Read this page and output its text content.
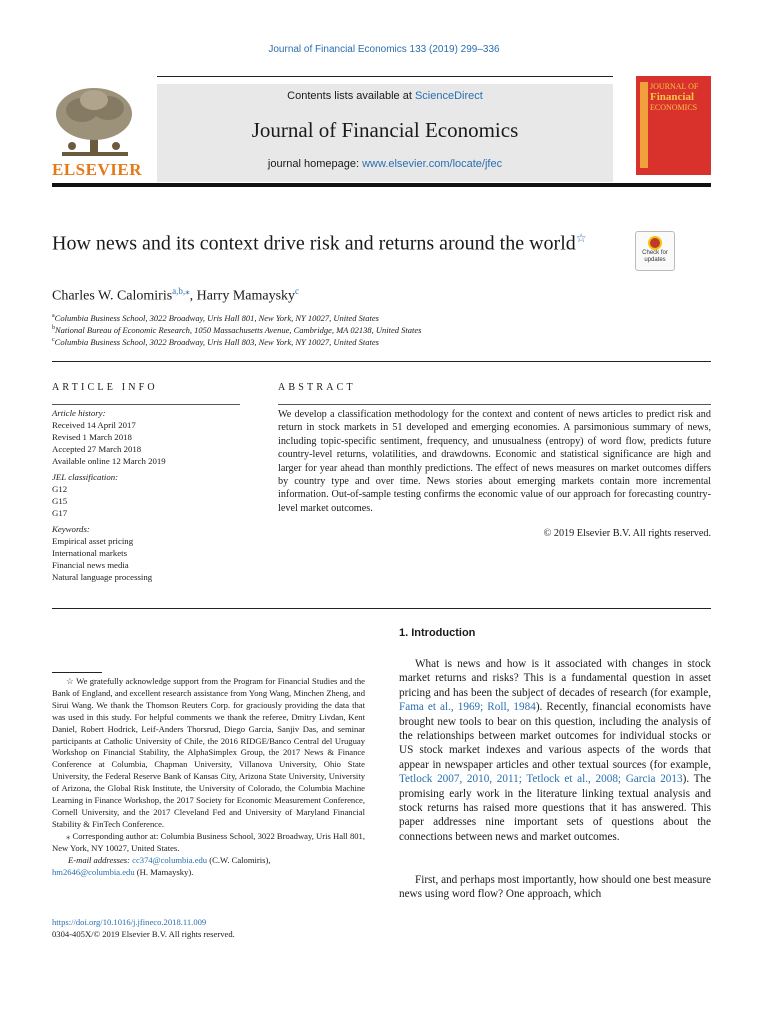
Journal of Financial Economics 133 (2019) 299–336
ELSEVIER
Contents lists available at ScienceDirect
Journal of Financial Economics
journal homepage: www.elsevier.com/locate/jfec
JOURNAL OF
Financial
ECONOMICS
How news and its context drive risk and returns around the world☆
Check for
updates
Charles W. Calomiris$^{a,b,⁎}$, Harry Mamaysky$^c$
$^a$Columbia Business School, 3022 Broadway, Uris Hall 801, New York, NY 10027, United States
$^b$National Bureau of Economic Research, 1050 Massachusetts Avenue, Cambridge, MA 02138, United States
$^c$Columbia Business School, 3022 Broadway, Uris Hall 803, New York, NY 10027, United States
ARTICLE INFO
Article history:
Received 14 April 2017
Revised 1 March 2018
Accepted 27 March 2018
Available online 12 March 2019
JEL classification:
G12
G15
G17
Keywords:
Empirical asset pricing
International markets
Financial news media
Natural language processing
ABSTRACT
We develop a classification methodology for the context and content of news articles to predict risk and return in stock markets in 51 developed and emerging economies. A parsimonious summary of news, including topic-specific sentiment, frequency, and unusualness (entropy) of word flow, predicts future country-level returns, volatilities, and drawdowns. Economic and statistical significance are high and larger for year ahead than monthly predictions. The effect of news measures on market outcomes differs by country type and over time. News stories about emerging markets contain more incremental information. Out-of-sample testing confirms the economic value of our approach for forecasting country-level market outcomes.
© 2019 Elsevier B.V. All rights reserved.
1. Introduction
What is news and how is it associated with changes in stock market returns and risks? This is a fundamental question in asset pricing and has been the subject of decades of research (for example, Fama et al., 1969; Roll, 1984). Recently, financial economists have brought new tools to bear on this question, including the analysis of the relationships between market outcomes for individual stocks or US stock market indexes and various aspects of the words that appear in newspaper articles and other textual sources (for example, Tetlock 2007, 2010, 2011; Tetlock et al., 2008; Garcia 2013). The promising early work in the literature linking textual analysis and stock returns has raised more questions that it has answered. This paper addresses nine important sets of questions about the connections between news and market outcomes.
First, and perhaps most importantly, how should one best measure news using word flow? One approach, which
☆ We gratefully acknowledge support from the Program for Financial Studies and the Bank of England, and excellent research assistance from Yong Wang, Minchen Zheng, and Sirui Wang. We thank the Thomson Reuters Corp. for graciously providing the data that was used in this study. For helpful comments we thank the referee, Dmitry Livdan, Kent Daniel, Robert Hodrick, Leif-Anders Thorsrud, Diego Garcia, Sanjiv Das, and seminar participants at Catholic University of Chile, the 2016 RIDGE/Banco Central del Uruguay Workshop on Financial Stability, the AlphaSimplex Group, the 2017 News & Finance Conference at Columbia, Chapman University, Villanova University, Ohio State University, the Federal Reserve Bank of Kansas City, Arizona State University, University of Arizona, the Global Risk Institute, the University of Colorado, the Columbia Machine Learning in Finance Workshop, the 2017 Society for Economic Measurement Conference, Cornell University, and the 2017 Cleveland Fed and University of Maryland Financial Stability & FinTech Conference.
⁎ Corresponding author at: Columbia Business School, 3022 Broadway, Uris Hall 801, New York, NY 10027, United States.
E-mail addresses: cc374@columbia.edu (C.W. Calomiris),
hm2646@columbia.edu (H. Mamaysky).
https://doi.org/10.1016/j.jfineco.2018.11.009
0304-405X/© 2019 Elsevier B.V. All rights reserved.
